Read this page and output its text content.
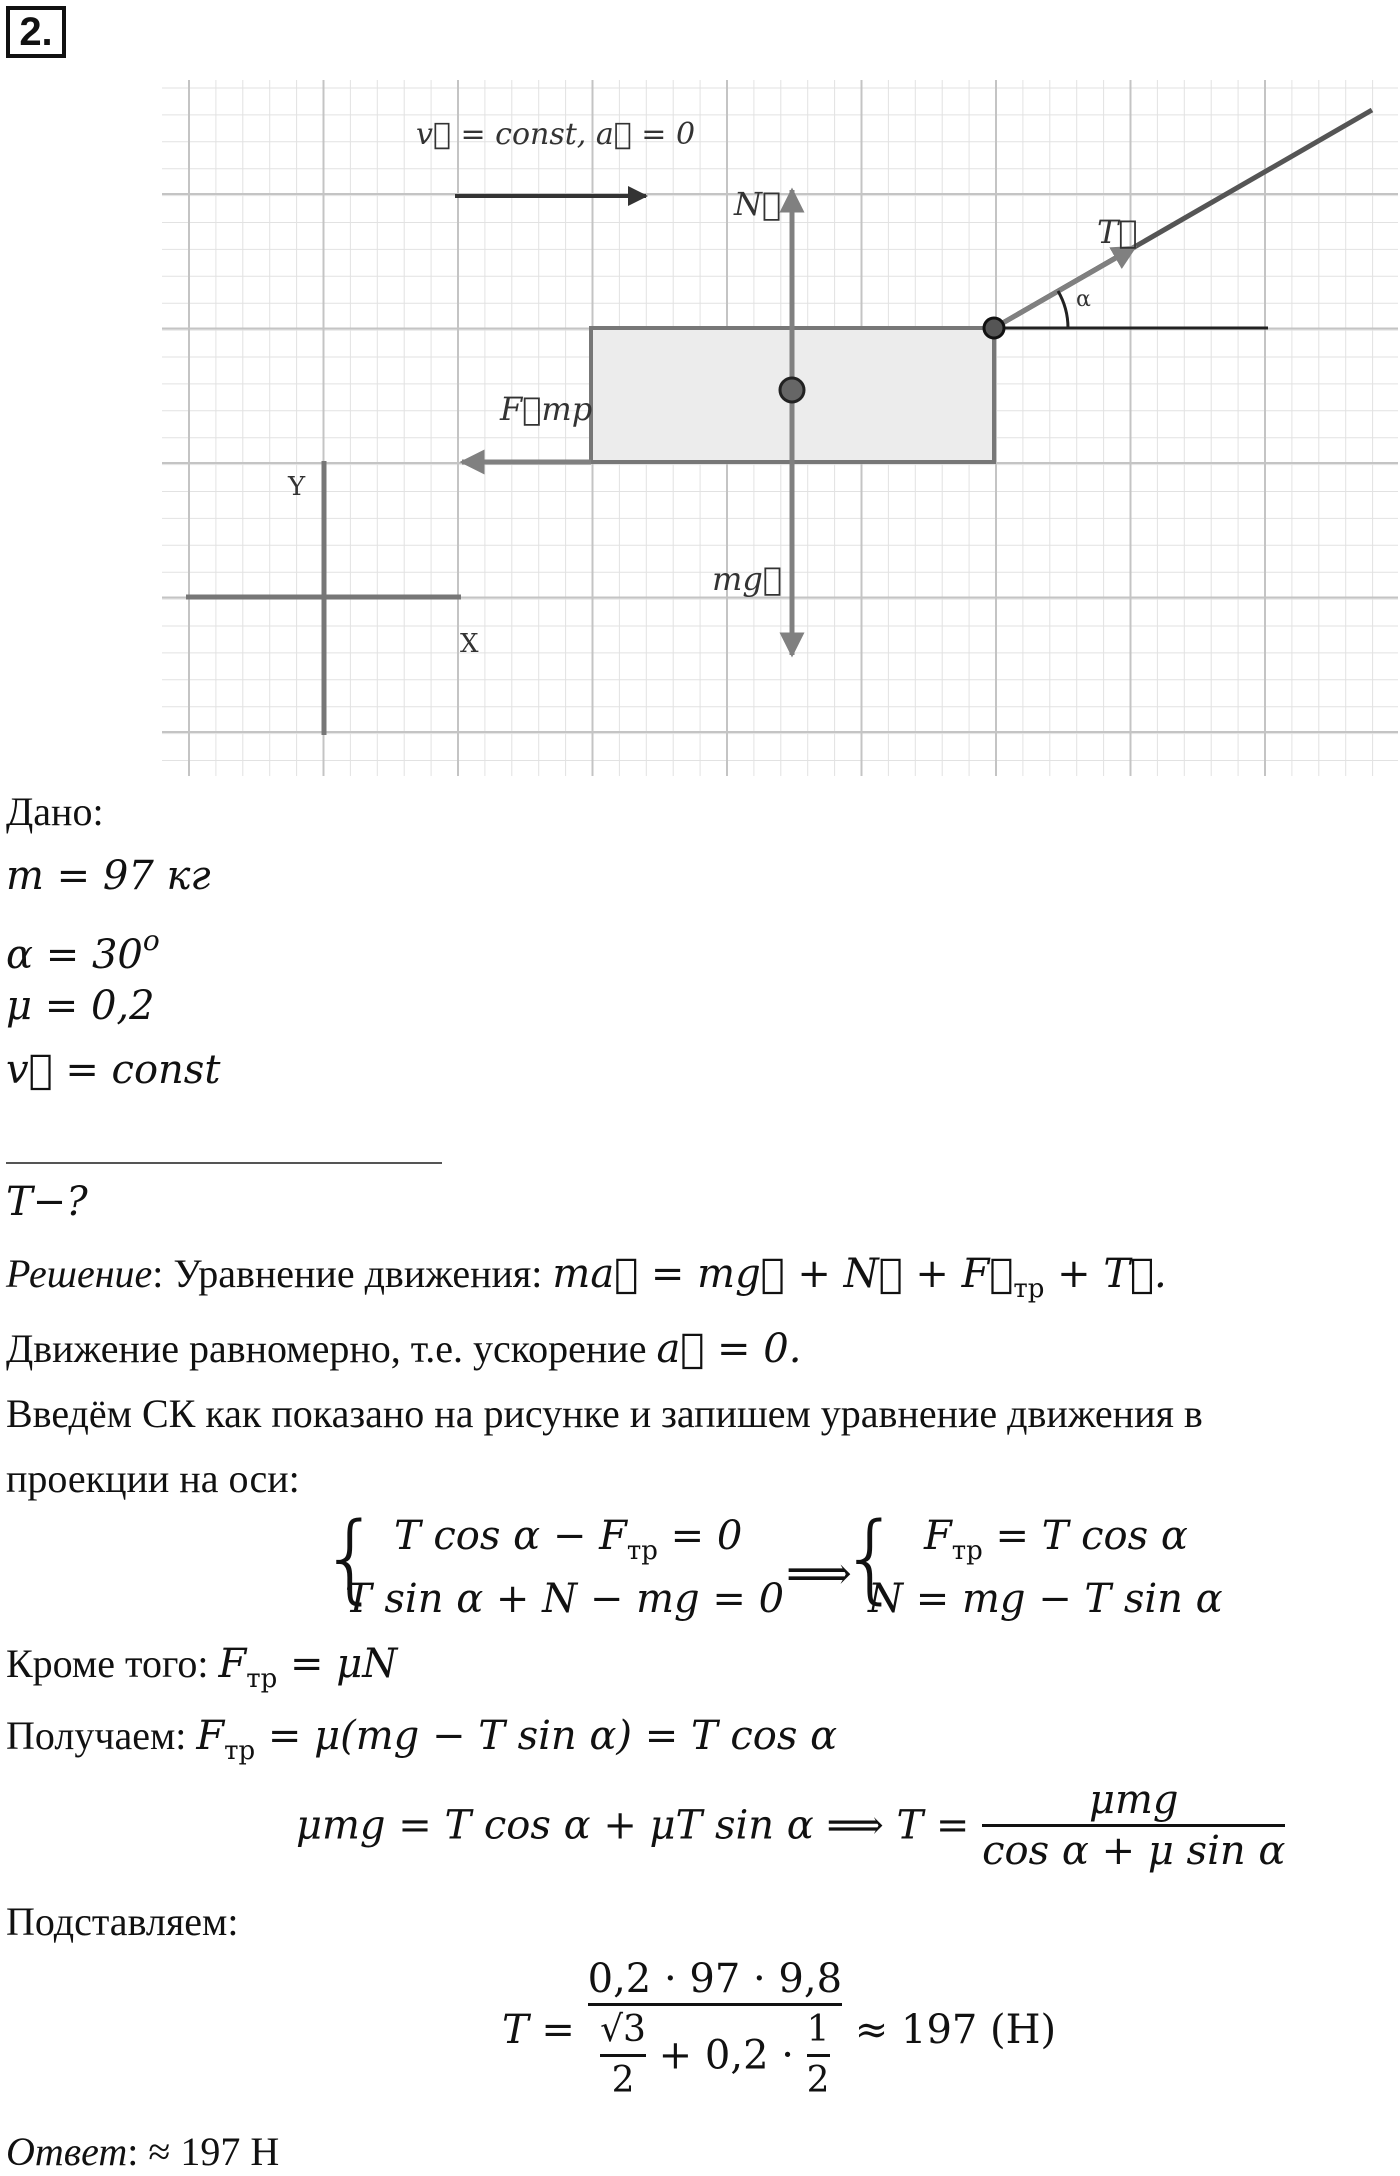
2.
v⃗ = const, a⃗ = 0
N⃗
T⃗
α
F⃗тр
mg⃗
Y
X
Дано:
m = 97 кг
$\alpha = 30^o$
μ = 0,2
v⃗ = const
T−?
Решение: Уравнение движения: ma⃗ = mg⃗ + N⃗ + $F⃗_{тр}$ + T⃗.
Движение равномерно, т.е. ускорение a⃗ = 0.
Введём СК как показано на рисунке и запишем уравнение движения в
проекции на оси:
{ T $\cos \alpha - F_{тр} = 0$
T sin α + N − mg = 0 ⟹
{ $F_{тр} = T$ cos α
N = mg − T sin α
Кроме того: $F_{тр} = \mu N$
Получаем: $F_{тр} = \mu(mg - T$ sin α) = T cos α
μmg = T cos α + μT sin α ⟹ $T = \frac{\text{μmg}}{\text{cos α + μ sin α}}$
Подставляем:
$T = \frac{0,2 \cdot 97 \cdot 9,8}{\frac{√3}{2} + 0,2 \cdot \frac{1}{2}} \approx 197$ (Н)
Ответ: ≈ 197 Н
